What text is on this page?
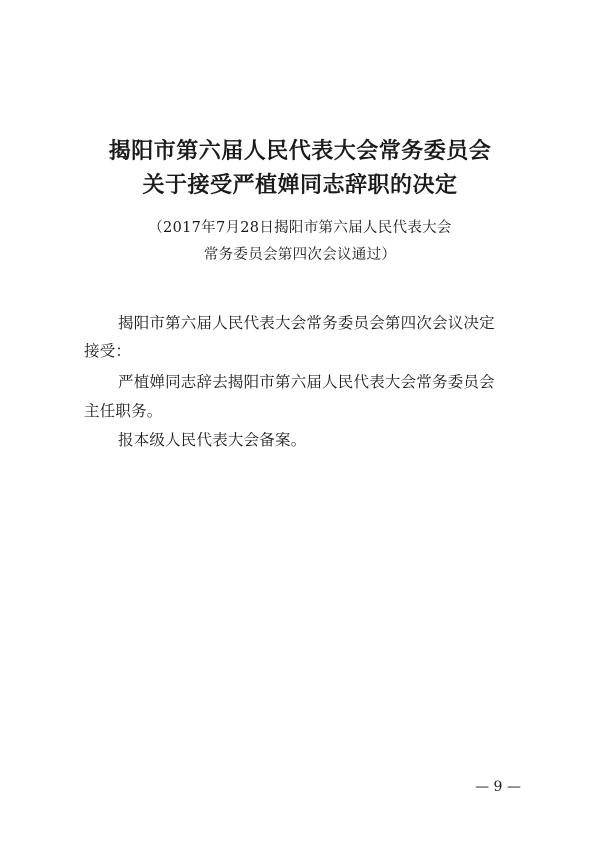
揭阳市第六届人民代表大会常务委员会
关于接受严植婵同志辞职的决定
（2017年7月28日揭阳市第六届人民代表大会
常务委员会第四次会议通过）
揭阳市第六届人民代表大会常务委员会第四次会议决定
接受：
严植婵同志辞去揭阳市第六届人民代表大会常务委员会
主任职务。
报本级人民代表大会备案。
— 9 —
